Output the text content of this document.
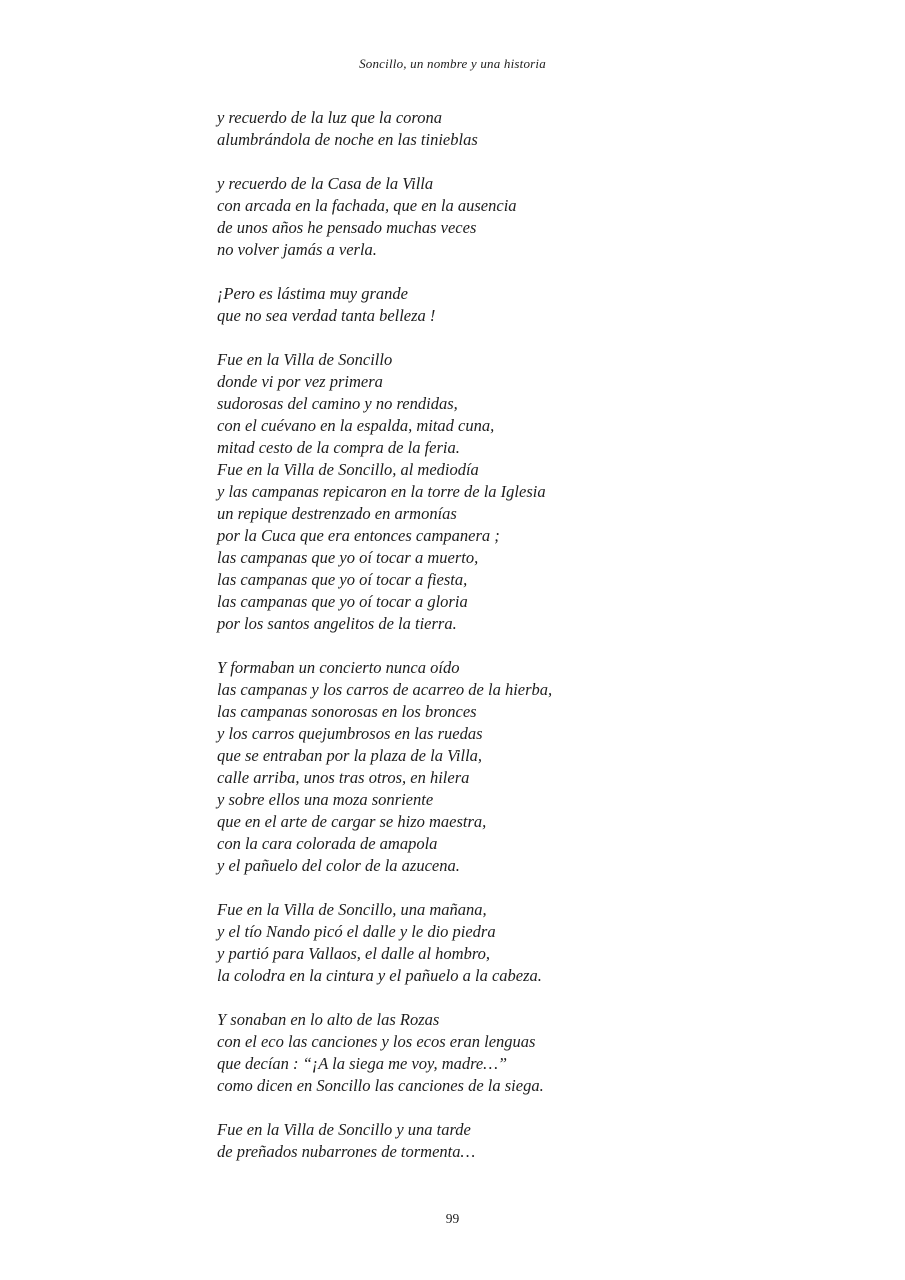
Soncillo, un nombre y una historia
y recuerdo de la luz que la corona
alumbrándola de noche en las tinieblas
y recuerdo de la Casa de la Villa
con arcada en la fachada, que en la ausencia
de unos años he pensado muchas veces
no volver jamás a verla.
¡Pero es lástima muy grande
que no sea verdad tanta belleza !
Fue en la Villa de Soncillo
donde vi por vez primera
sudorosas del camino y no rendidas,
con el cuévano en la espalda, mitad cuna,
mitad cesto de la compra de la feria.
Fue en la Villa de Soncillo, al mediodía
y las campanas repicaron en la torre de la Iglesia
un repique destrenzado en armonías
por la Cuca que era entonces campanera ;
las campanas que yo oí tocar a muerto,
las campanas que yo oí tocar a fiesta,
las campanas que yo oí tocar a gloria
por los santos angelitos de la tierra.
Y formaban un concierto nunca oído
las campanas y los carros de acarreo de la hierba,
las campanas sonorosas en los bronces
y los carros quejumbrosos en las ruedas
que se entraban por la plaza de la Villa,
calle arriba, unos tras otros, en hilera
y sobre ellos una moza sonriente
que en el arte de cargar se hizo maestra,
con la cara colorada de amapola
y el pañuelo del color de la azucena.
Fue en la Villa de Soncillo, una mañana,
y el tío Nando picó el dalle y le dio piedra
y partió para Vallaos, el dalle al hombro,
la colodra en la cintura y el pañuelo a la cabeza.
Y sonaban en lo alto de las Rozas
con el eco las canciones y los ecos eran lenguas
que decían : “¡A la siega me voy, madre…”
como dicen en Soncillo las canciones de la siega.
Fue en la Villa de Soncillo y una tarde
de preñados nubarrones de tormenta…
99
